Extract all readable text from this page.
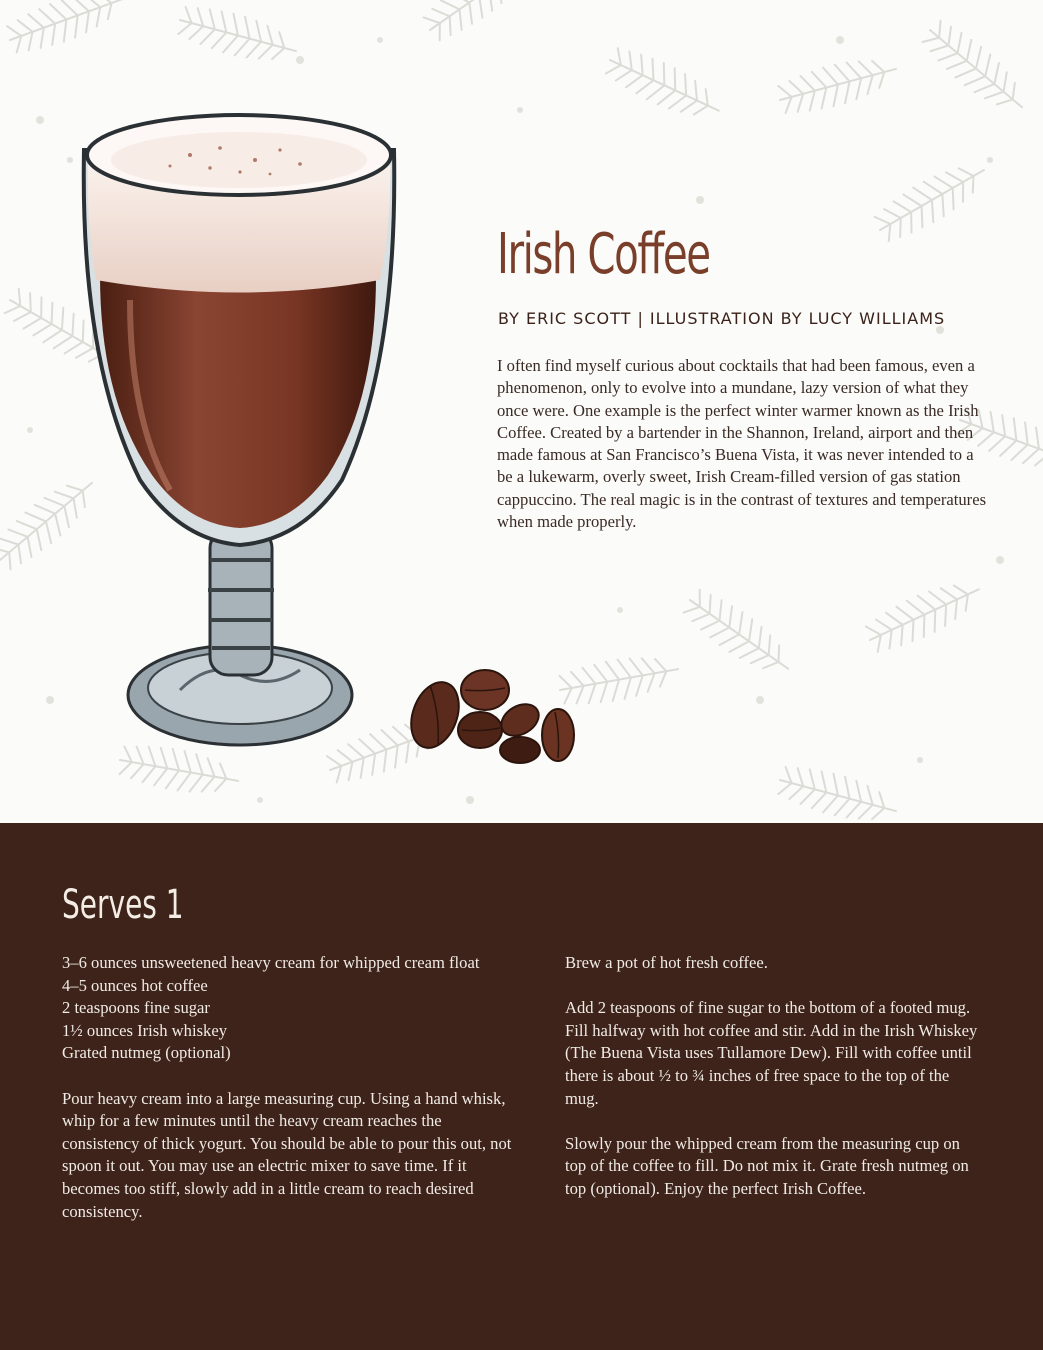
Irish Coffee
BY ERIC SCOTT | ILLUSTRATION BY LUCY WILLIAMS

I often find myself curious about cocktails that had been famous, even a phenomenon, only to evolve into a mundane, lazy version of what they once were. One example is the perfect winter warmer known as the Irish Coffee. Created by a bartender in the Shannon, Ireland, airport and then made famous at San Francisco’s Buena Vista, it was never intended to a be a lukewarm, overly sweet, Irish Cream-filled version of gas station cappuccino. The real magic is in the contrast of textures and temperatures when made properly.

Serves 1

3–6 ounces unsweetened heavy cream for whipped cream float

4–5 ounces hot coffee

2 teaspoons fine sugar

1½ ounces Irish whiskey

Grated nutmeg (optional)

Pour heavy cream into a large measuring cup. Using a hand whisk, whip for a few minutes until the heavy cream reaches the consistency of thick yogurt. You should be able to pour this out, not spoon it out. You may use an electric mixer to save time. If it becomes too stiff, slowly add in a little cream to reach desired consistency.

Brew a pot of hot fresh coffee.

Add 2 teaspoons of fine sugar to the bottom of a footed mug. Fill halfway with hot coffee and stir. Add in the Irish Whiskey (The Buena Vista uses Tullamore Dew). Fill with coffee until there is about ½ to ¾ inches of free space to the top of the mug.

Slowly pour the whipped cream from the measuring cup on top of the coffee to fill. Do not mix it. Grate fresh nutmeg on top (optional). Enjoy the perfect Irish Coffee.
